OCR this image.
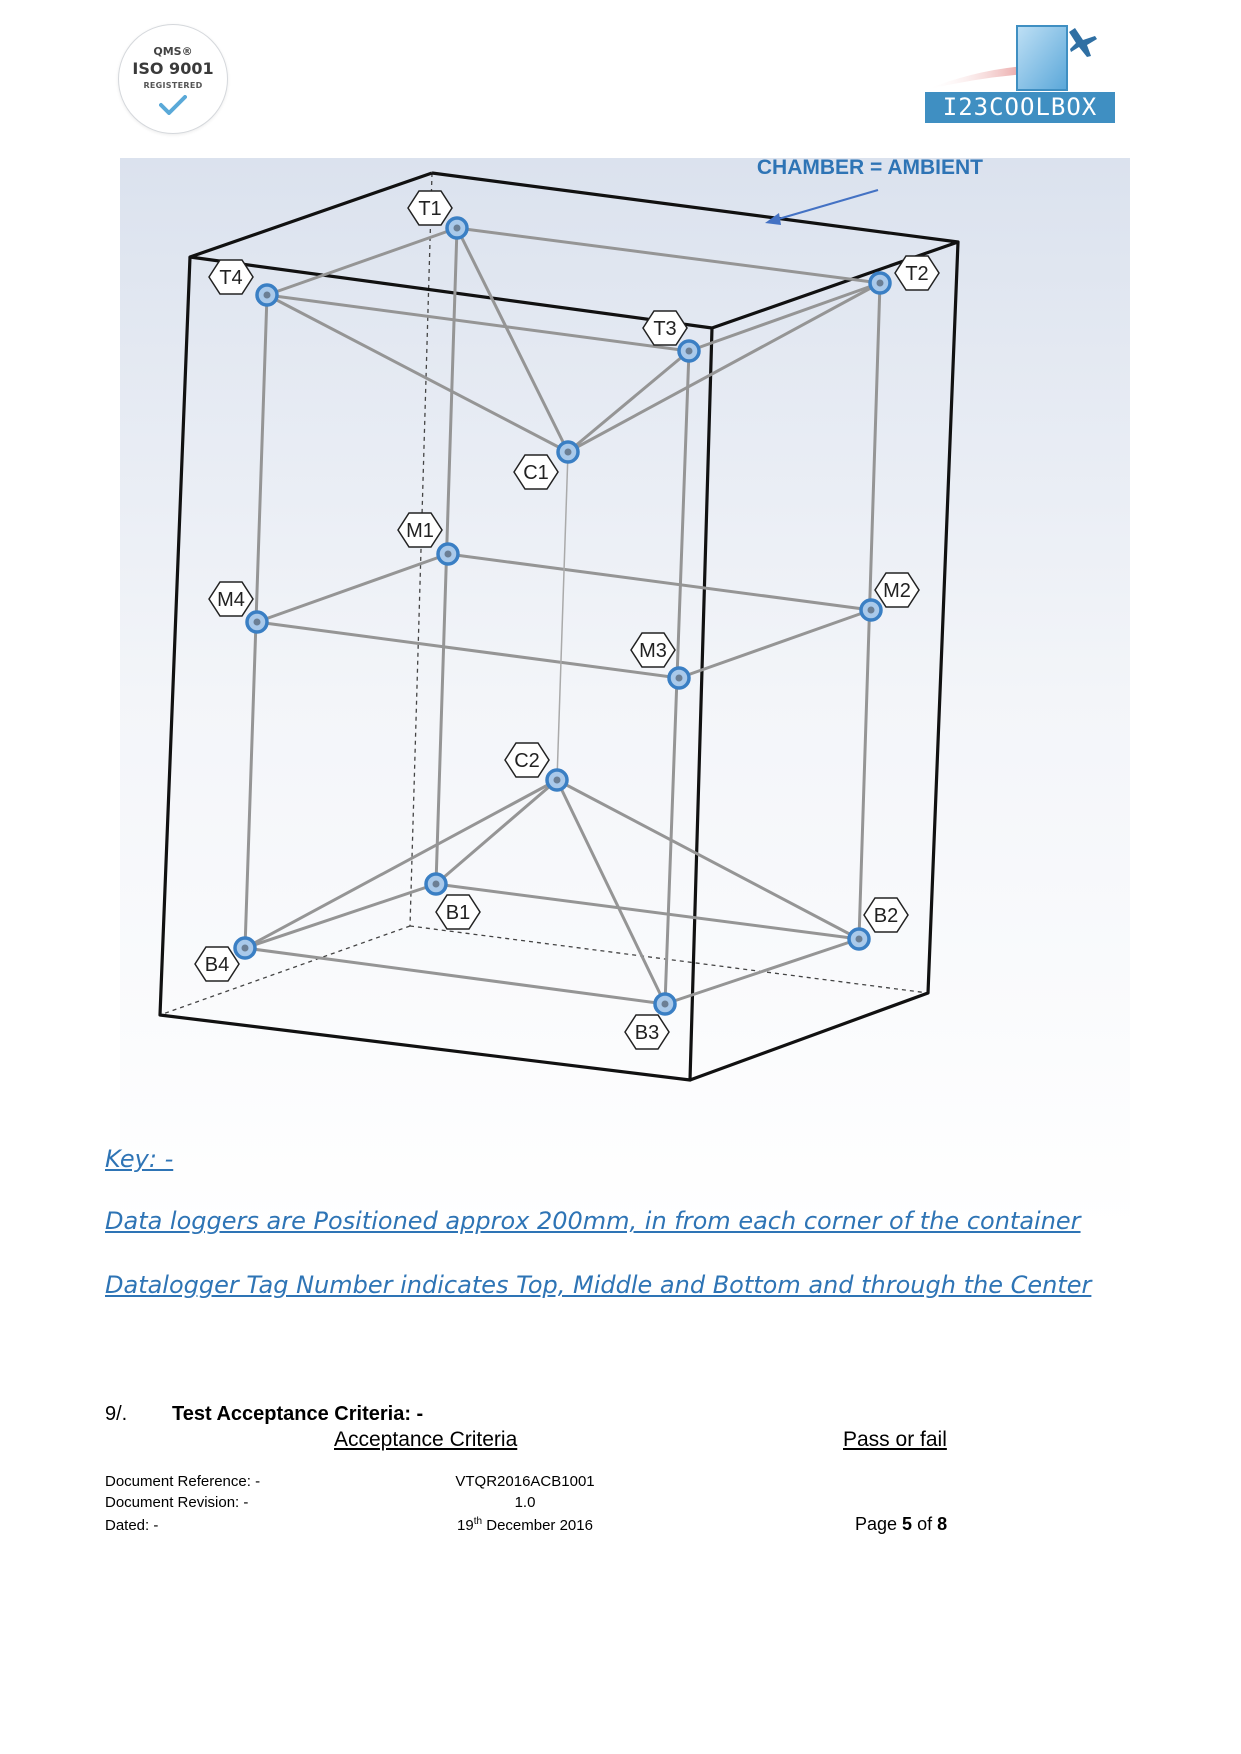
QMS®
ISO 9001
REGISTERED
I23COOLBOX
CHAMBER = AMBIENT
T1
T2
T3
T4
C1
M1
M2
M3
M4
C2
B1	B2
B3
B4
Key: -
Data loggers are Positioned approx 200mm, in from each corner of the container
Datalogger Tag Number indicates Top, Middle and Bottom and through the Center
9/. Test Acceptance Criteria: -
Acceptance Criteria	Pass or fail
Document Reference: -	VTQR2016ACB1001
Document Revision: -	1.0
Dated: -	19th December 2016	Page 5 of 8
